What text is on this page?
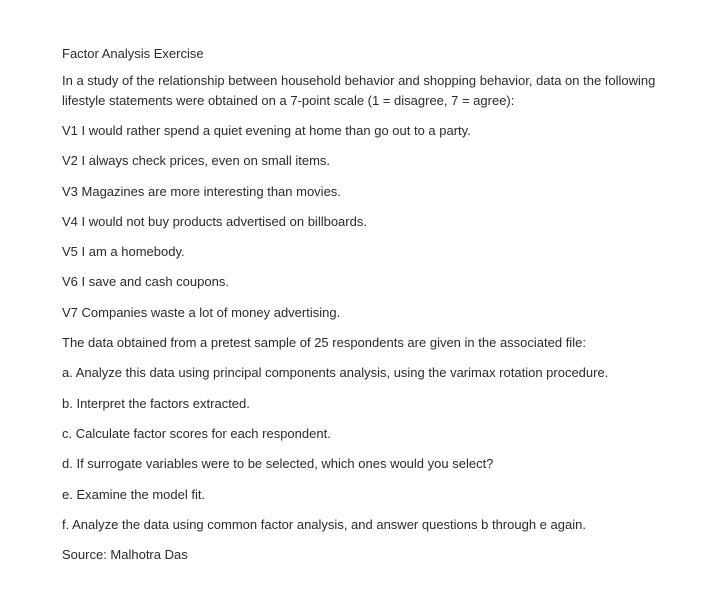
Factor Analysis Exercise
In a study of the relationship between household behavior and shopping behavior, data on the following lifestyle statements were obtained on a 7-point scale (1 = disagree, 7 = agree):
V1 I would rather spend a quiet evening at home than go out to a party.
V2 I always check prices, even on small items.
V3 Magazines are more interesting than movies.
V4 I would not buy products advertised on billboards.
V5 I am a homebody.
V6 I save and cash coupons.
V7 Companies waste a lot of money advertising.
The data obtained from a pretest sample of 25 respondents are given in the associated file:
a. Analyze this data using principal components analysis, using the varimax rotation procedure.
b. Interpret the factors extracted.
c. Calculate factor scores for each respondent.
d. If surrogate variables were to be selected, which ones would you select?
e. Examine the model fit.
f. Analyze the data using common factor analysis, and answer questions b through e again.
Source: Malhotra Das
